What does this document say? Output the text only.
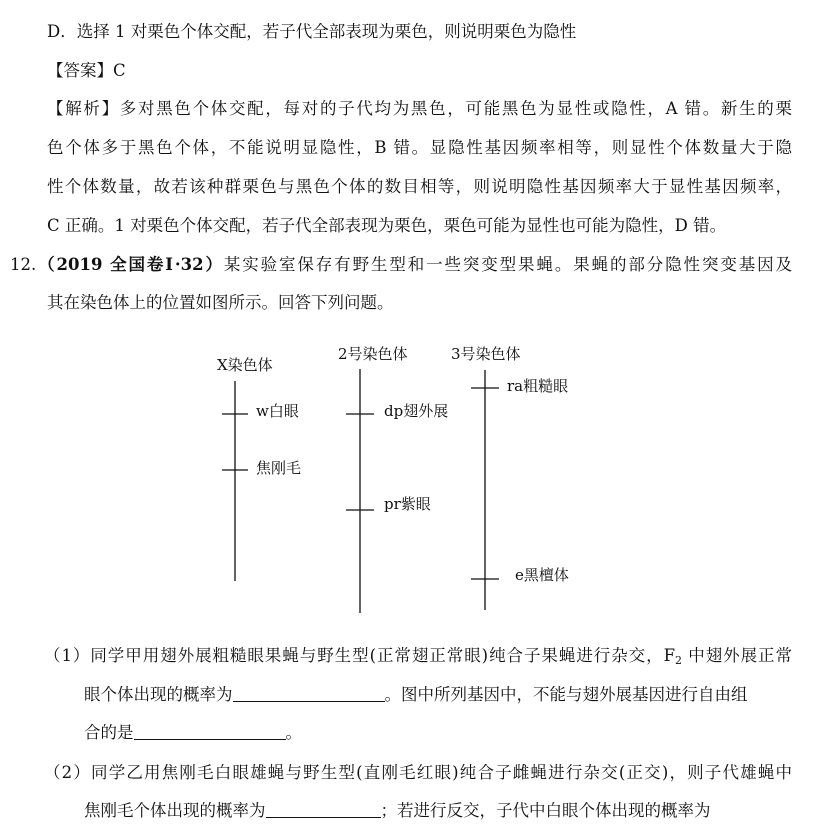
D．选择 1 对栗色个体交配，若子代全部表现为栗色，则说明栗色为隐性
【答案】C
【解析】多对黑色个体交配，每对的子代均为黑色，可能黑色为显性或隐性，A 错。新生的栗
色个体多于黑色个体，不能说明显隐性，B 错。显隐性基因频率相等，则显性个体数量大于隐
性个体数量，故若该种群栗色与黑色个体的数目相等，则说明隐性基因频率大于显性基因频率，
C 正确。1 对栗色个体交配，若子代全部表现为栗色，栗色可能为显性也可能为隐性，D 错。
12.（2019 全国卷Ⅰ·32）某实验室保存有野生型和一些突变型果蝇。果蝇的部分隐性突变基因及
其在染色体上的位置如图所示。回答下列问题。
X染色体
w白眼
焦刚毛
2号染色体
dp翅外展
pr紫眼
3号染色体
ra粗糙眼
e黑檀体
（1）同学甲用翅外展粗糙眼果蝇与野生型(正常翅正常眼)纯合子果蝇进行杂交，$F_2$ 中翅外展正常
眼个体出现的概率为	。图中所列基因中，不能与翅外展基因进行自由组
合的是	。
（2）同学乙用焦刚毛白眼雄蝇与野生型(直刚毛红眼)纯合子雌蝇进行杂交(正交)，则子代雄蝇中
焦刚毛个体出现的概率为	；若进行反交，子代中白眼个体出现的概率为
